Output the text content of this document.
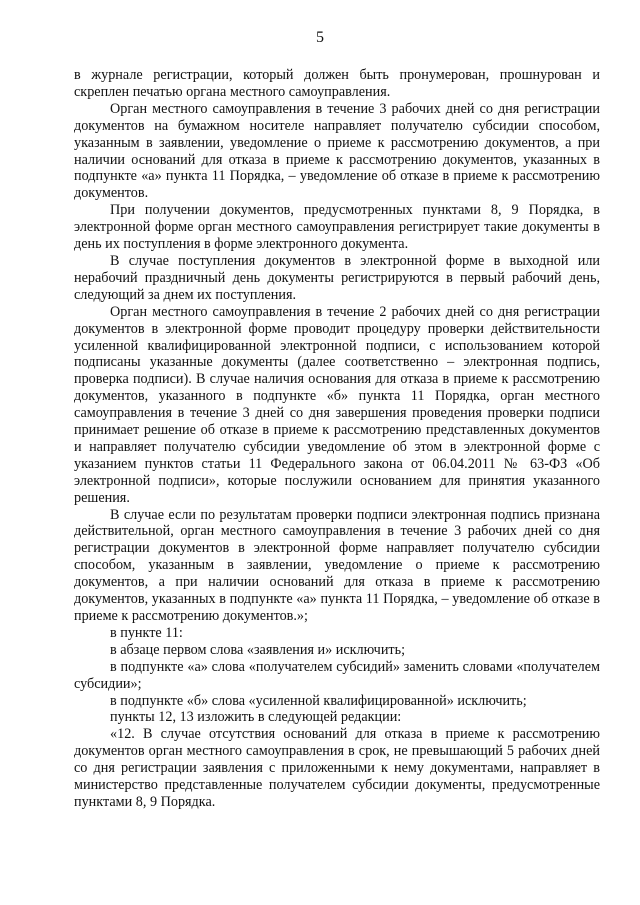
5

в журнале регистрации, который должен быть пронумерован, прошнурован и скреплен печатью органа местного самоуправления.

Орган местного самоуправления в течение 3 рабочих дней со дня регистрации документов на бумажном носителе направляет получателю субсидии способом, указанным в заявлении, уведомление о приеме к рассмотрению документов, а при наличии оснований для отказа в приеме к рассмотрению документов, указанных в подпункте «а» пункта 11 Порядка, – уведомление об отказе в приеме к рассмотрению документов.

При получении документов, предусмотренных пунктами 8, 9 Порядка, в электронной форме орган местного самоуправления регистрирует такие документы в день их поступления в форме электронного документа.

В случае поступления документов в электронной форме в выходной или нерабочий праздничный день документы регистрируются в первый рабочий день, следующий за днем их поступления.

Орган местного самоуправления в течение 2 рабочих дней со дня регистрации документов в электронной форме проводит процедуру проверки действительности усиленной квалифицированной электронной подписи, с использованием которой подписаны указанные документы (далее соответственно – электронная подпись, проверка подписи). В случае наличия основания для отказа в приеме к рассмотрению документов, указанного в подпункте «б» пункта 11 Порядка, орган местного самоуправления в течение 3 дней со дня завершения проведения проверки подписи принимает решение об отказе в приеме к рассмотрению представленных документов и направляет получателю субсидии уведомление об этом в электронной форме с указанием пунктов статьи 11 Федерального закона от 06.04.2011 № 63-ФЗ «Об электронной подписи», которые послужили основанием для принятия указанного решения.

В случае если по результатам проверки подписи электронная подпись признана действительной, орган местного самоуправления в течение 3 рабочих дней со дня регистрации документов в электронной форме направляет получателю субсидии способом, указанным в заявлении, уведомление о приеме к рассмотрению документов, а при наличии оснований для отказа в приеме к рассмотрению документов, указанных в подпункте «а» пункта 11 Порядка, – уведомление об отказе в приеме к рассмотрению документов.»;

в пункте 11:

в абзаце первом слова «заявления и» исключить;

в подпункте «а» слова «получателем субсидий» заменить словами «получателем субсидии»;

в подпункте «б» слова «усиленной квалифицированной» исключить;

пункты 12, 13 изложить в следующей редакции:

«12. В случае отсутствия оснований для отказа в приеме к рассмотрению документов орган местного самоуправления в срок, не превышающий 5 рабочих дней со дня регистрации заявления с приложенными к нему документами, направляет в министерство представленные получателем субсидии документы, предусмотренные пунктами 8, 9 Порядка.
